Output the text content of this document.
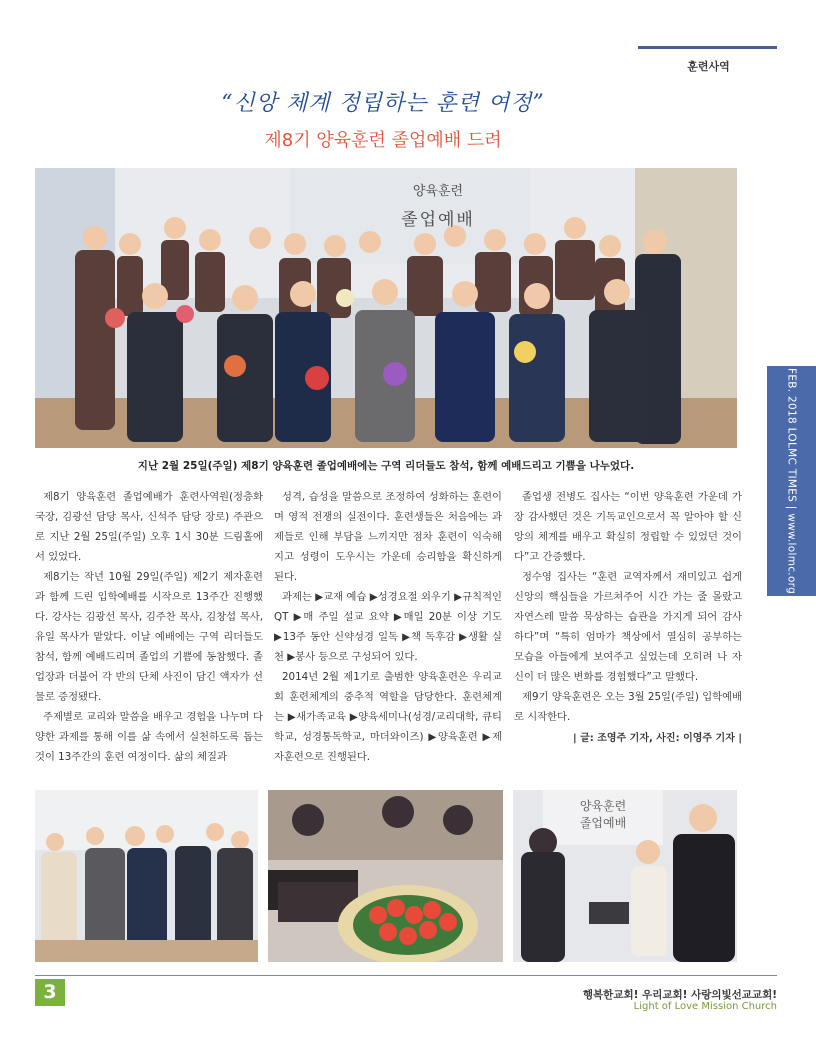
훈련사역
“신앙 체계 정립하는 훈련 여정”
제8기 양육훈련 졸업예배 드려
양육훈련
졸업예배
지난 2월 25일(주일) 제8기 양육훈련 졸업예배에는 구역 리더들도 참석, 함께 예배드리고 기쁨을 나누었다.

제8기 양육훈련 졸업예배가 훈련사역원(정층화 국장, 김광선 담당 목사, 신석주 담당 장로) 주관으로 지난 2월 25일(주일) 오후 1시 30분 드림홀에서 있었다.

제8기는 작년 10월 29일(주일) 제2기 제자훈련과 함께 드린 입학예배를 시작으로 13주간 진행했다. 강사는 김광선 목사, 김주찬 목사, 김창섭 목사, 유일 목사가 맡았다. 이날 예배에는 구역 리더들도 참석, 함께 예배드리며 졸업의 기쁨에 동참했다. 졸업장과 더불어 각 반의 단체 사진이 담긴 액자가 선물로 증정됐다.

주제별로 교리와 말씀을 배우고 경험을 나누며 다양한 과제를 통해 이를 삶 속에서 실천하도록 돕는 것이 13주간의 훈련 여정이다. 삶의 체질과

성격, 습성을 말씀으로 조정하여 성화하는 훈련이며 영적 전쟁의 실전이다. 훈련생들은 처음에는 과제들로 인해 부담을 느끼지만 점차 훈련이 익숙해지고 성령이 도우시는 가운데 승리함을 확신하게 된다.

과제는 ▶교재 예습 ▶성경요절 외우기 ▶규칙적인 QT ▶매 주일 설교 요약 ▶매일 20분 이상 기도 ▶13주 동안 신약성경 일독 ▶책 독후감 ▶생활 실천 ▶봉사 등으로 구성되어 있다.

2014년 2월 제1기로 출범한 양육훈련은 우리교회 훈련체계의 중추적 역할을 담당한다. 훈련체계는 ▶새가족교육 ▶양육세미나(성경/교리대학, 큐티학교, 성경통독학교, 마더와이즈) ▶양육훈련 ▶제자훈련으로 진행된다.

졸업생 전병도 집사는 “이번 양육훈련 가운데 가장 감사했던 것은 기독교인으로서 꼭 알아야 할 신앙의 체계를 배우고 확실히 정립할 수 있었던 것이다”고 간증했다.

정수영 집사는 “훈련 교역자께서 재미있고 쉽게 신앙의 핵심들을 가르쳐주어 시간 가는 줄 몰랐고 자연스레 말씀 묵상하는 습관을 가지게 되어 감사하다”며 “특히 엄마가 책상에서 열심히 공부하는 모습을 아들에게 보여주고 싶었는데 오히려 나 자신이 더 많은 변화를 경험했다”고 말했다.

제9기 양육훈련은 오는 3월 25일(주일) 입학예배로 시작한다.

| 글: 조영주 기자, 사진: 이영주 기자 |
양육훈련
졸업예배
FEB. 2018 LOLMC TIMES | www.lolmc.org
3	행복한교회! 우리교회! 사랑의빛선교교회!
Light of Love Mission Church
